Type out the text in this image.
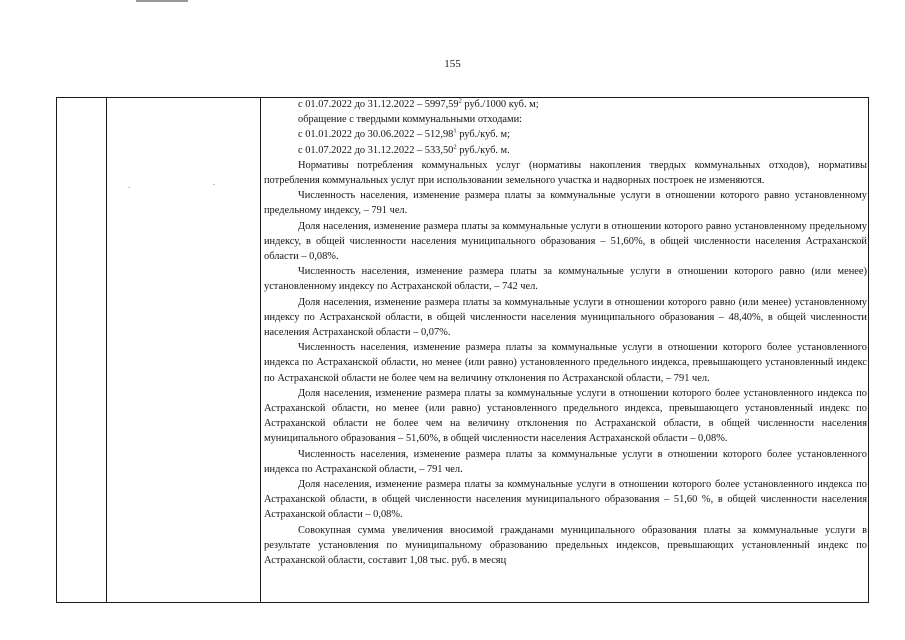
155
.	.

с 01.07.2022 до 31.12.2022 – 5997,59$^2$ руб./1000 куб. м;

обращение с твердыми коммунальными отходами:

с 01.01.2022 до 30.06.2022 – 512,98$^1$ руб./куб. м;

с 01.07.2022 до 31.12.2022 – 533,50$^2$ руб./куб. м.

Нормативы потребления коммунальных услуг (нормативы накопления твердых коммунальных отходов), нормативы потребления коммунальных услуг при использовании земельного участка и надворных построек не изменяются.

Численность населения, изменение размера платы за коммунальные услуги в отношении которого равно установленному предельному индексу, – 791 чел.

Доля населения, изменение размера платы за коммунальные услуги в отношении которого равно установленному предельному индексу, в общей численности населения муниципального образования – 51,60%, в общей численности населения Астраханской области – 0,08%.

Численность населения, изменение размера платы за коммунальные услуги в отношении которого равно (или менее) установленному индексу по Астраханской области, – 742 чел.

Доля населения, изменение размера платы за коммунальные услуги в отношении которого равно (или менее) установленному индексу по Астраханской области, в общей численности населения муниципального образования – 48,40%, в общей численности населения Астраханской области – 0,07%.

Численность населения, изменение размера платы за коммунальные услуги в отношении которого более установленного индекса по Астраханской области, но менее (или равно) установленного предельного индекса, превышающего установленный индекс по Астраханской области не более чем на величину отклонения по Астраханской области, – 791 чел.

Доля населения, изменение размера платы за коммунальные услуги в отношении которого более установленного индекса по Астраханской области, но менее (или равно) установленного предельного индекса, превышающего установленный индекс по Астраханской области не более чем на величину отклонения по Астраханской области, в общей численности населения муниципального образования – 51,60%, в общей численности населения Астраханской области – 0,08%.

Численность населения, изменение размера платы за коммунальные услуги в отношении которого более установленного индекса по Астраханской области, – 791 чел.

Доля населения, изменение размера платы за коммунальные услуги в отношении которого более установленного индекса по Астраханской области, в общей численности населения муниципального образования – 51,60 %, в общей численности населения Астраханской области – 0,08%.

Совокупная сумма увеличения вносимой гражданами муниципального образования платы за коммунальные услуги в результате установления по муниципальному образованию предельных индексов, превышающих установленный индекс по Астраханской области, составит 1,08 тыс. руб. в месяц
